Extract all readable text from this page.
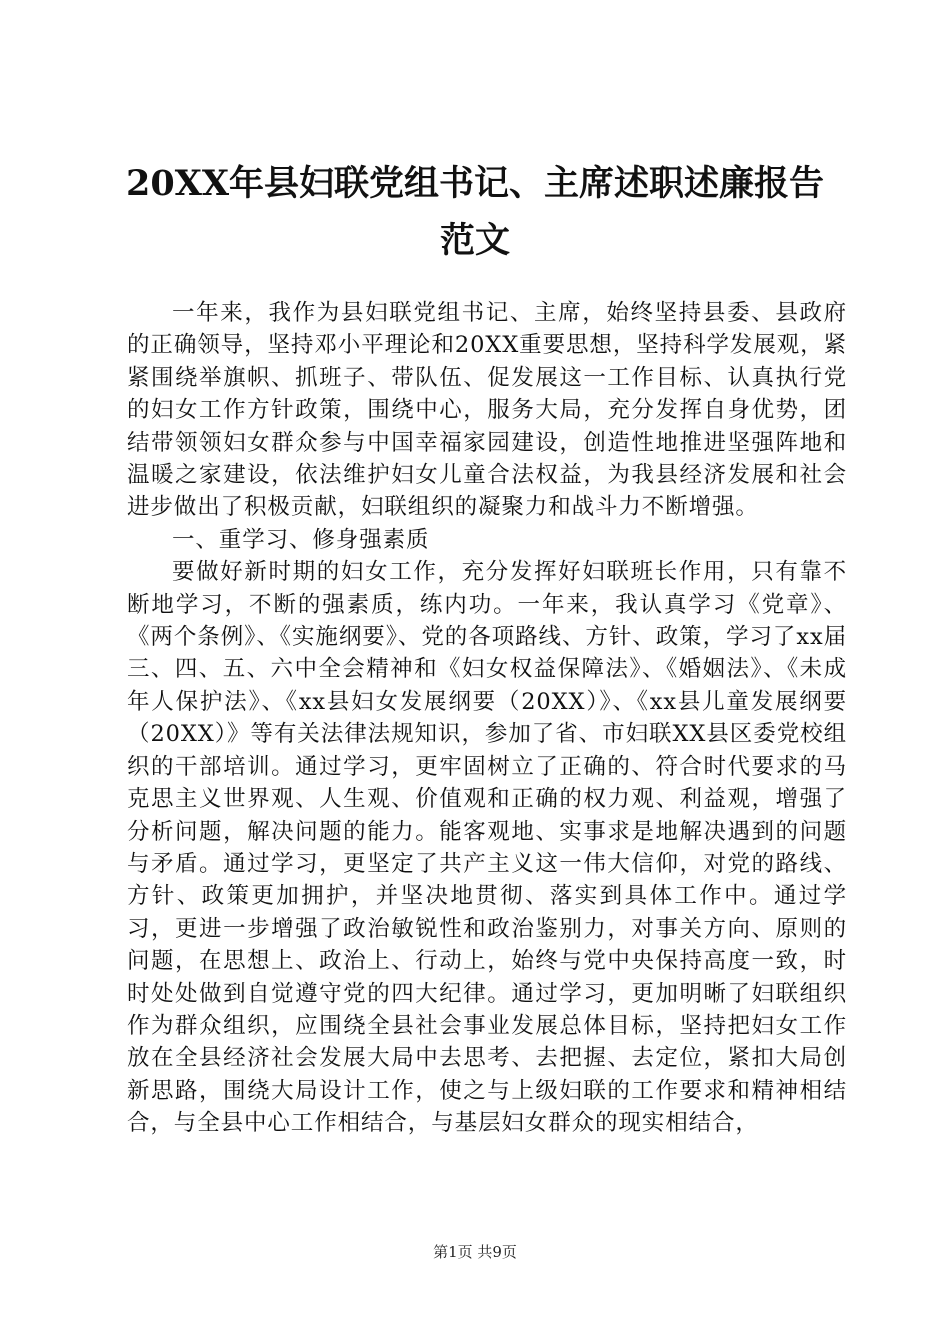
20XX年县妇联党组书记、主席述职述廉报告
范文

一年来，我作为县妇联党组书记、主席，始终坚持县委、县政府的正确领导，坚持邓小平理论和20XX重要思想，坚持科学发展观，紧紧围绕举旗帜、抓班子、带队伍、促发展这一工作目标、认真执行党的妇女工作方针政策，围绕中心，服务大局，充分发挥自身优势，团结带领领妇女群众参与中国幸福家园建设，创造性地推进坚强阵地和温暖之家建设，依法维护妇女儿童合法权益，为我县经济发展和社会进步做出了积极贡献，妇联组织的凝聚力和战斗力不断增强。

一、重学习、修身强素质

要做好新时期的妇女工作，充分发挥好妇联班长作用，只有靠不断地学习，不断的强素质，练内功。一年来，我认真学习《党章》、《两个条例》、《实施纲要》、党的各项路线、方针、政策，学习了xx届三、四、五、六中全会精神和《妇女权益保障法》、《婚姻法》、《未成年人保护法》、《xx县妇女发展纲要（20XX）》、《xx县儿童发展纲要（20XX）》等有关法律法规知识，参加了省、市妇联XX县区委党校组织的干部培训。通过学习，更牢固树立了正确的、符合时代要求的马克思主义世界观、人生观、价值观和正确的权力观、利益观，增强了分析问题，解决问题的能力。能客观地、实事求是地解决遇到的问题与矛盾。通过学习，更坚定了共产主义这一伟大信仰，对党的路线、方针、政策更加拥护，并坚决地贯彻、落实到具体工作中。通过学习，更进一步增强了政治敏锐性和政治鉴别力，对事关方向、原则的问题，在思想上、政治上、行动上，始终与党中央保持高度一致，时时处处做到自觉遵守党的四大纪律。通过学习，更加明晰了妇联组织作为群众组织，应围绕全县社会事业发展总体目标，坚持把妇女工作放在全县经济社会发展大局中去思考、去把握、去定位，紧扣大局创新思路，围绕大局设计工作，使之与上级妇联的工作要求和精神相结合，与全县中心工作相结合，与基层妇女群众的现实相结合，

第1页 共9页
